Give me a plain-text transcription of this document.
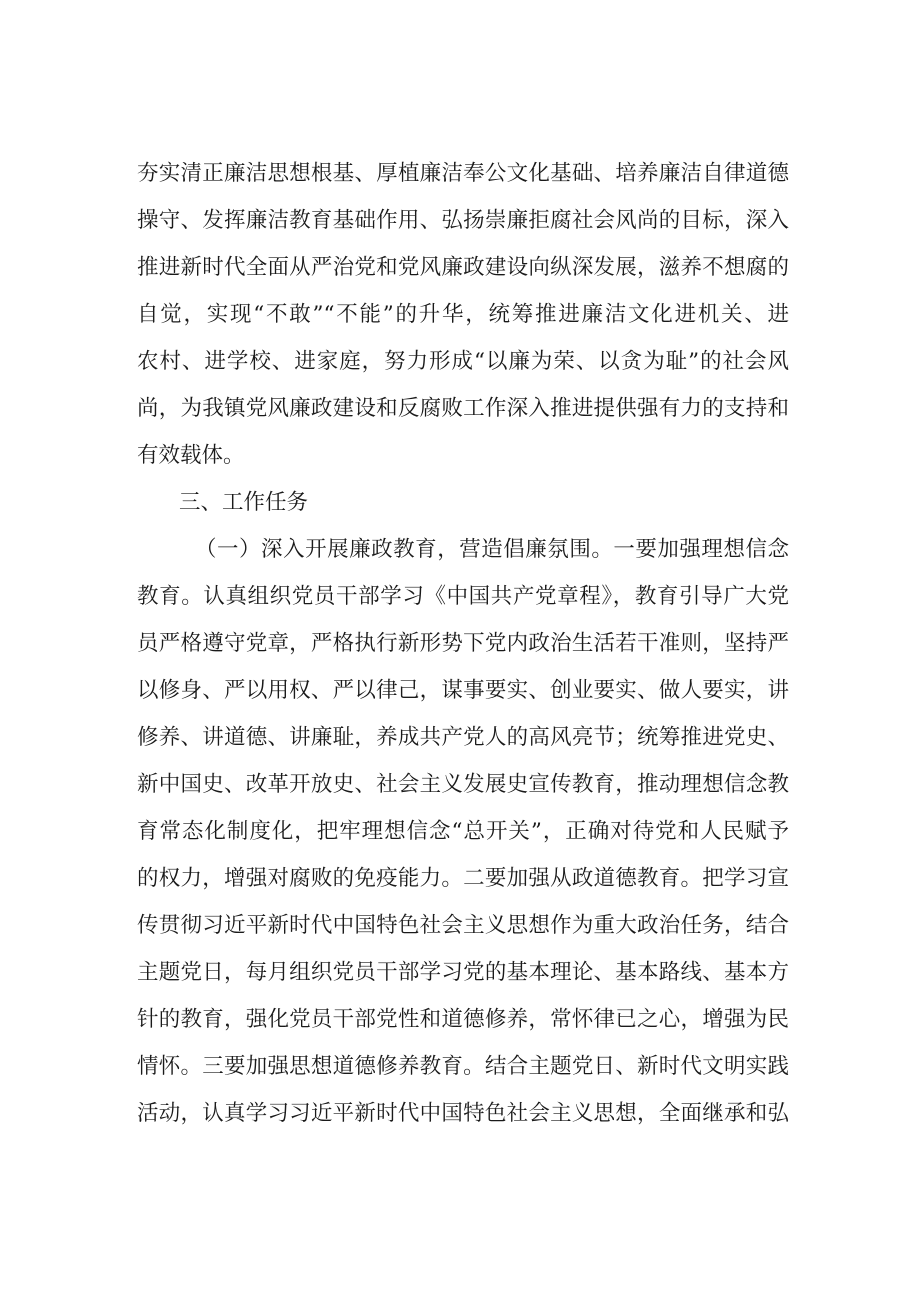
夯实清正廉洁思想根基、厚植廉洁奉公文化基础、培养廉洁自律道德
操守、发挥廉洁教育基础作用、弘扬崇廉拒腐社会风尚的目标，深入
推进新时代全面从严治党和党风廉政建设向纵深发展，滋养不想腐的
自觉，实现“不敢”“不能”的升华，统筹推进廉洁文化进机关、进
农村、进学校、进家庭，努力形成“以廉为荣、以贪为耻”的社会风
尚，为我镇党风廉政建设和反腐败工作深入推进提供强有力的支持和
有效载体。
三、工作任务
（一）深入开展廉政教育，营造倡廉氛围。一要加强理想信念
教育。认真组织党员干部学习《中国共产党章程》，教育引导广大党
员严格遵守党章，严格执行新形势下党内政治生活若干准则，坚持严
以修身、严以用权、严以律己，谋事要实、创业要实、做人要实，讲
修养、讲道德、讲廉耻，养成共产党人的高风亮节；统筹推进党史、
新中国史、改革开放史、社会主义发展史宣传教育，推动理想信念教
育常态化制度化，把牢理想信念“总开关”，正确对待党和人民赋予
的权力，增强对腐败的免疫能力。二要加强从政道德教育。把学习宣
传贯彻习近平新时代中国特色社会主义思想作为重大政治任务，结合
主题党日，每月组织党员干部学习党的基本理论、基本路线、基本方
针的教育，强化党员干部党性和道德修养，常怀律已之心，增强为民
情怀。三要加强思想道德修养教育。结合主题党日、新时代文明实践
活动，认真学习习近平新时代中国特色社会主义思想，全面继承和弘
